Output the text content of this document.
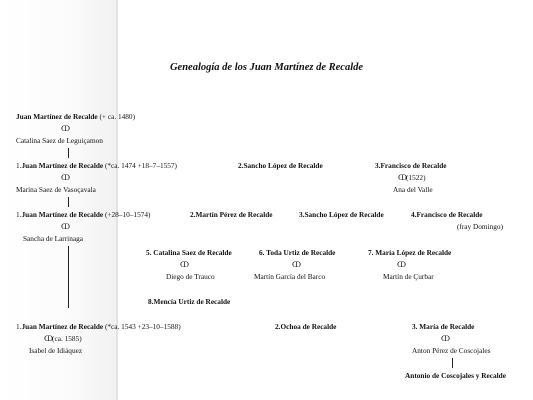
Genealogía de los Juan Martínez de Recalde
Juan Martínez de Recalde (+ ca. 1480)
ↀ
Catalina Saez de Leguiçamon
1.Juan Martínez de Recalde (*ca. 1474 +18–7–1557)	2.Sancho López de Recalde	3.Francisco de Recalde
ↀ	ↀ(1522)
Marina Saez de Vasoçavala	Ana del Valle
1.Juan Martínez de Recalde (+28–10–1574)	2.Martín Pérez de Recalde	3.Sancho López de Recalde	4.Francisco de Recalde
ↀ	(fray Domingo)
Sancha de Larrinaga
5. Catalina Saez de Recalde	6. Toda Urtiz de Recalde	7. María López de Recalde
ↀ	ↀ	ↀ
Diego de Trauco	Martín García del Barco	Martín de Çurbar
8.Mencía Urtiz de Recalde
1.Juan Martínez de Recalde (*ca. 1543 +23–10–1588)	2.Ochoa de Recalde	3. María de Recalde
ↀ(ca. 1585)	ↀ
Isabel de Idiáquez	Anton Pérez de Coscojales
Antonio de Coscojales y Recalde
